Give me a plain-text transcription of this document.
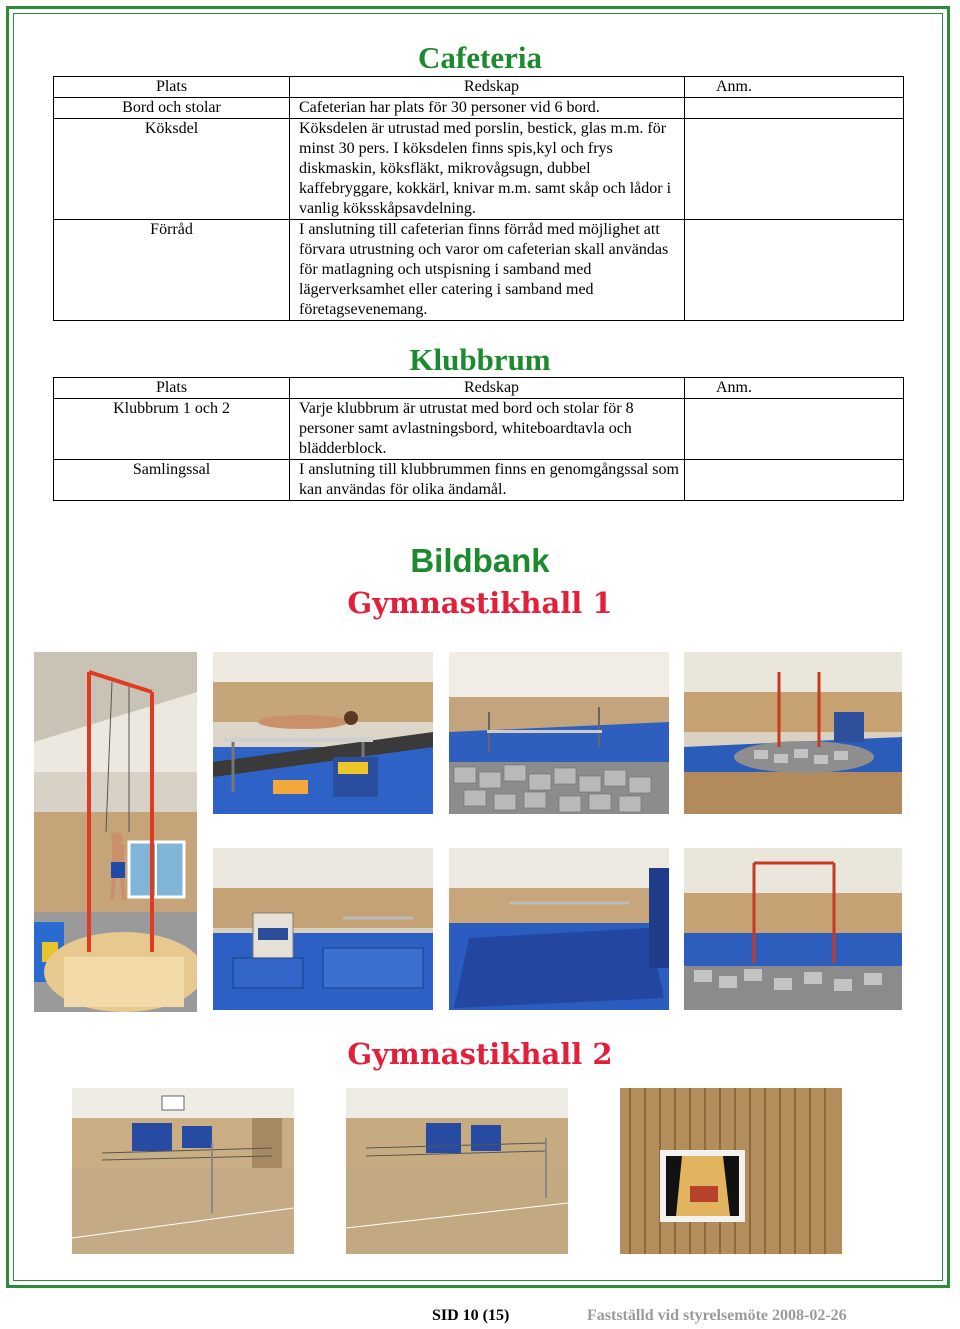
Cafeteria
Plats	Redskap	Anm.
Bord och stolar	Cafeterian har plats för 30 personer vid 6 bord.	
Köksdel	Köksdelen är utrustad med porslin, bestick, glas m.m. för minst 30 pers. I köksdelen finns spis,kyl och frys diskmaskin, köksfläkt, mikrovågsugn, dubbel kaffebryggare, kokkärl, knivar m.m. samt skåp och lådor i vanlig köksskåpsavdelning.	
Förråd	I anslutning till cafeterian finns förråd med möjlighet att förvara utrustning och varor om cafeterian skall användas för matlagning och utspisning i samband med lägerverksamhet eller catering i samband med företagsevenemang.	
Klubbrum
Plats	Redskap	Anm.
Klubbrum 1 och 2	Varje klubbrum är utrustat med bord och stolar för 8 personer samt avlastningsbord, whiteboardtavla och blädderblock.	
Samlingssal	I anslutning till klubbrummen finns en genomgångssal som kan användas för olika ändamål.	
Bildbank
Gymnastikhall 1
Gymnastikhall 2
SID 10 (15)	Fastställd vid styrelsemöte 2008-02-26
